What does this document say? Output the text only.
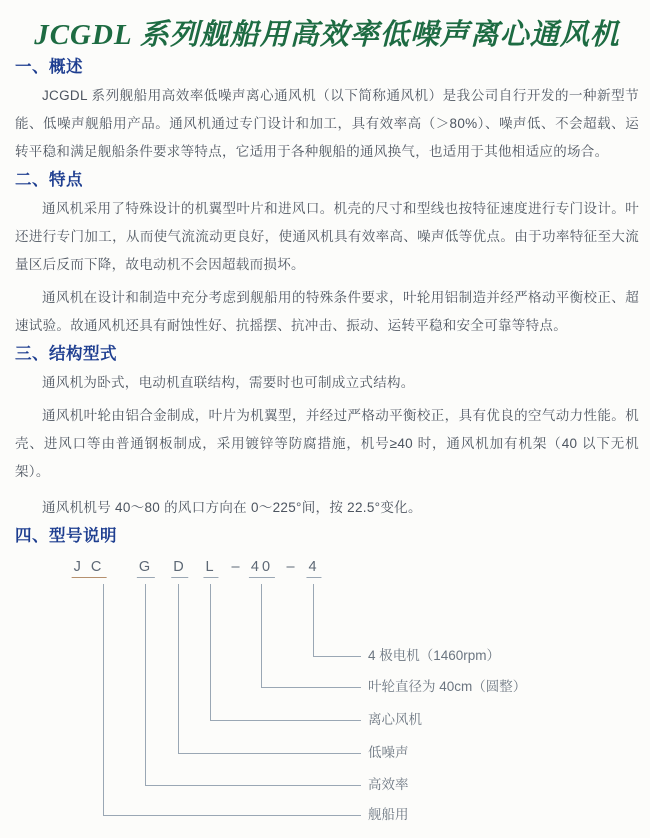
JCGDL 系列舰船用高效率低噪声离心通风机
一、概述

JCGDL 系列舰船用高效率低噪声离心通风机（以下简称通风机）是我公司自行开发的一种新型节能、低噪声舰船用产品。通风机通过专门设计和加工，具有效率高（＞80%）、噪声低、不会超载、运转平稳和满足舰船条件要求等特点，它适用于各种舰船的通风换气，也适用于其他相适应的场合。

二、特点

通风机采用了特殊设计的机翼型叶片和进风口。机壳的尺寸和型线也按特征速度进行专门设计。叶还进行专门加工，从而使气流流动更良好，使通风机具有效率高、噪声低等优点。由于功率特征至大流量区后反而下降，故电动机不会因超载而损坏。

通风机在设计和制造中充分考虑到舰船用的特殊条件要求，叶轮用铝制造并经严格动平衡校正、超速试验。故通风机还具有耐蚀性好、抗摇摆、抗冲击、振动、运转平稳和安全可靠等特点。

三、结构型式

通风机为卧式，电动机直联结构，需要时也可制成立式结构。

通风机叶轮由铝合金制成，叶片为机翼型，并经过严格动平衡校正，具有优良的空气动力性能。机壳、进风口等由普通钢板制成，采用镀锌等防腐措施，机号≥40 时，通风机加有机架（40 以下无机架）。

通风机机号 40～80 的风口方向在 0～225°间，按 22.5°变化。

四、型号说明
J C G D L – 40 – 4
4 极电机（1460rpm）
叶轮直径为 40cm（圆整）
离心风机
低噪声
高效率
舰船用
